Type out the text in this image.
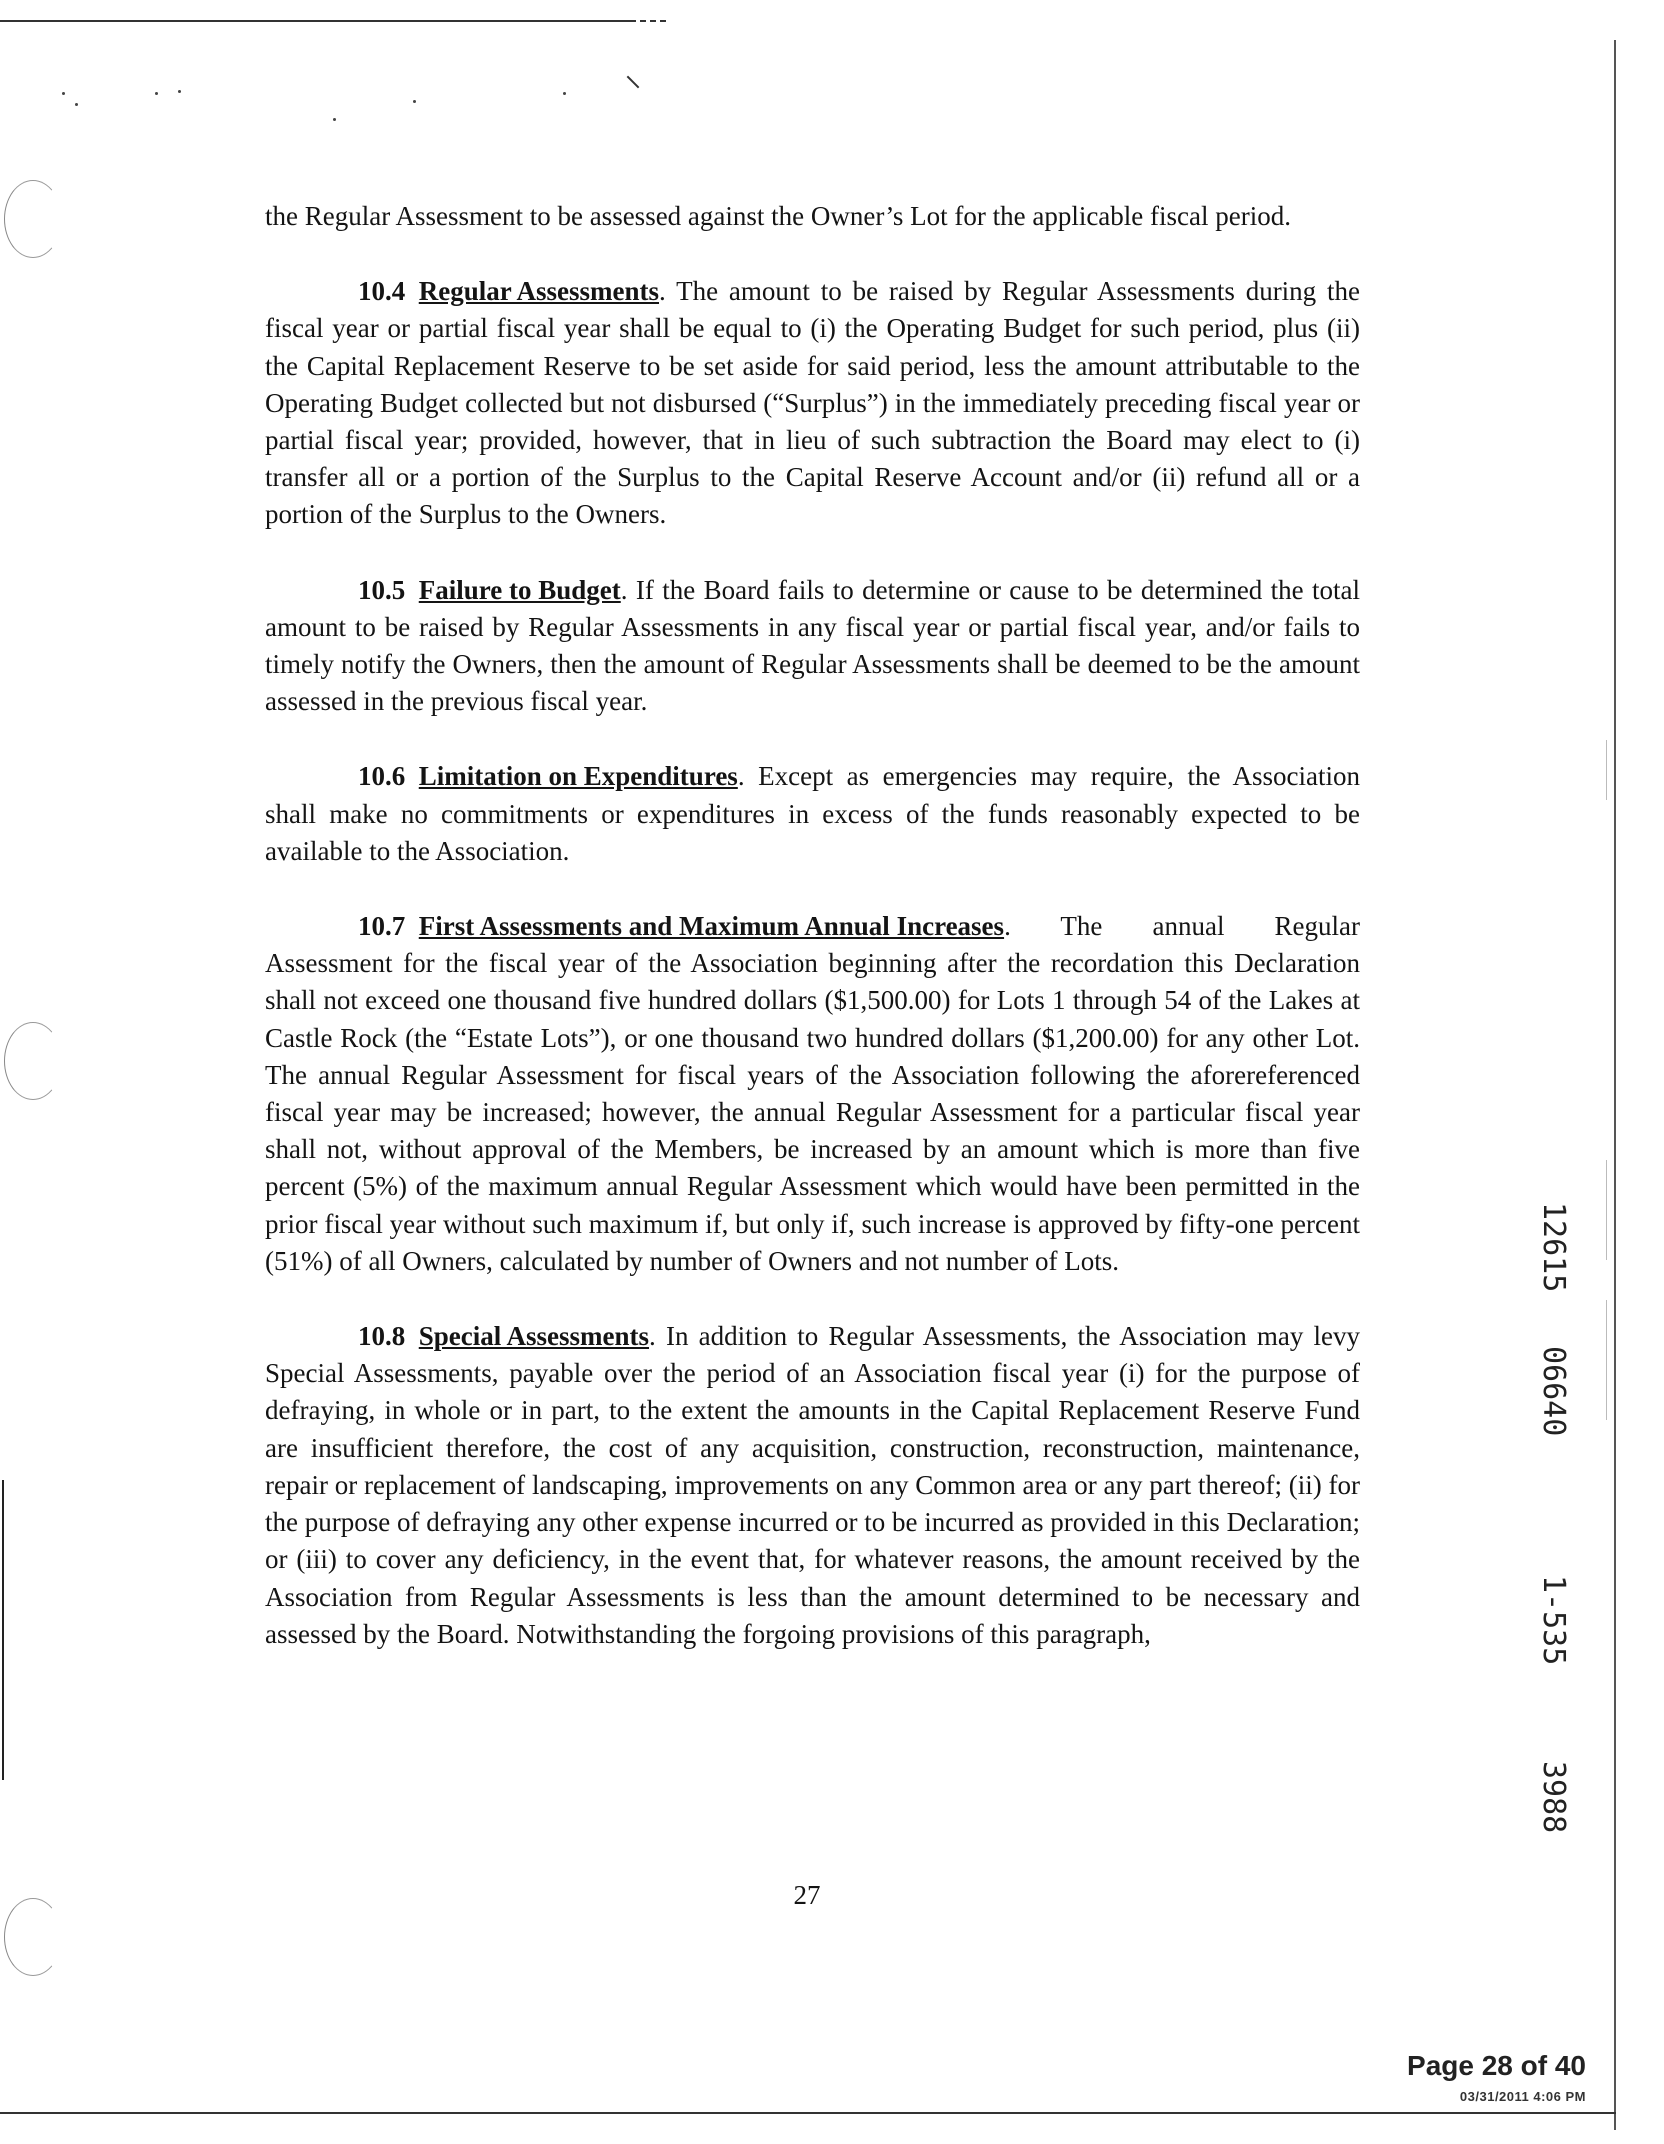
the Regular Assessment to be assessed against the Owner’s Lot for the applicable fiscal period.

10.4 Regular Assessments. The amount to be raised by Regular Assessments during the fiscal year or partial fiscal year shall be equal to (i) the Operating Budget for such period, plus (ii) the Capital Replacement Reserve to be set aside for said period, less the amount attributable to the Operating Budget collected but not disbursed (“Surplus”) in the immediately preceding fiscal year or partial fiscal year; provided, however, that in lieu of such subtraction the Board may elect to (i) transfer all or a portion of the Surplus to the Capital Reserve Account and/or (ii) refund all or a portion of the Surplus to the Owners.

10.5 Failure to Budget. If the Board fails to determine or cause to be determined the total amount to be raised by Regular Assessments in any fiscal year or partial fiscal year, and/or fails to timely notify the Owners, then the amount of Regular Assessments shall be deemed to be the amount assessed in the previous fiscal year.

10.6 Limitation on Expenditures. Except as emergencies may require, the Association shall make no commitments or expenditures in excess of the funds reasonably expected to be available to the Association.

10.7 First Assessments and Maximum Annual Increases. The annual Regular Assessment for the fiscal year of the Association beginning after the recordation this Declaration shall not exceed one thousand five hundred dollars ($1,500.00) for Lots 1 through 54 of the Lakes at Castle Rock (the “Estate Lots”), or one thousand two hundred dollars ($1,200.00) for any other Lot. The annual Regular Assessment for fiscal years of the Association following the aforereferenced fiscal year may be increased; however, the annual Regular Assessment for a particular fiscal year shall not, without approval of the Members, be increased by an amount which is more than five percent (5%) of the maximum annual Regular Assessment which would have been permitted in the prior fiscal year without such maximum if, but only if, such increase is approved by fifty-one percent (51%) of all Owners, calculated by number of Owners and not number of Lots.

10.8 Special Assessments. In addition to Regular Assessments, the Association may levy Special Assessments, payable over the period of an Association fiscal year (i) for the purpose of defraying, in whole or in part, to the extent the amounts in the Capital Replacement Reserve Fund are insufficient therefore, the cost of any acquisition, construction, reconstruction, maintenance, repair or replacement of landscaping, improvements on any Common area or any part thereof; (ii) for the purpose of defraying any other expense incurred or to be incurred as provided in this Declaration; or (iii) to cover any deficiency, in the event that, for whatever reasons, the amount received by the Association from Regular Assessments is less than the amount determined to be necessary and assessed by the Board. Notwithstanding the forgoing provisions of this paragraph,

27
12615
06640
1-535
3988
Page 28 of 40
03/31/2011 4:06 PM
